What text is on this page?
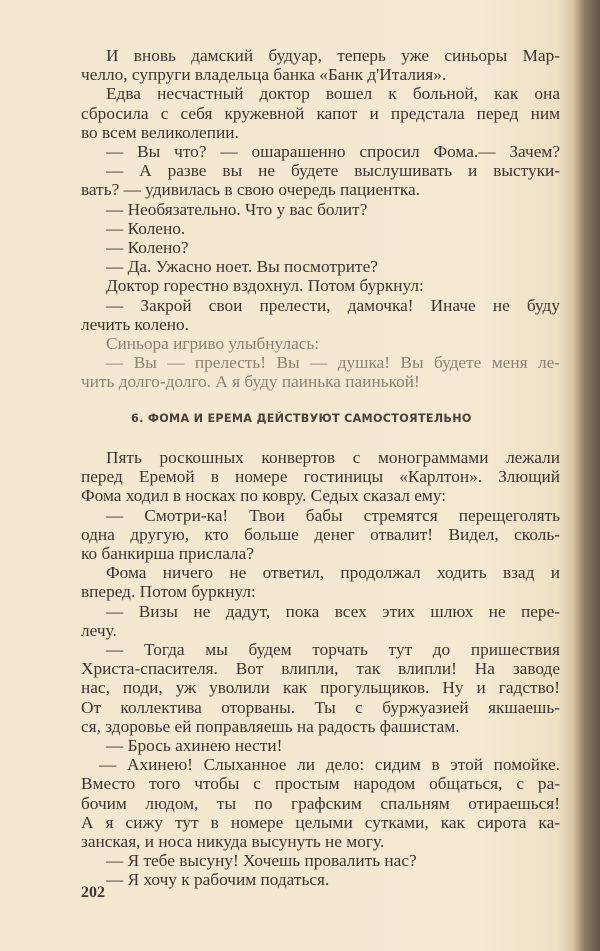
И вновь дамский будуар, теперь уже синьоры Мар-
челло, супруги владельца банка «Банк д'Италия».
Едва несчастный доктор вошел к больной, как она
сбросила с себя кружевной капот и предстала перед ним
во всем великолепии.
— Вы что? — ошарашенно спросил Фома.— Зачем?
— А разве вы не будете выслушивать и выстуки-
вать? — удивилась в свою очередь пациентка.
— Необязательно. Что у вас болит?
— Колено.
— Колено?
— Да. Ужасно ноет. Вы посмотрите?
Доктор горестно вздохнул. Потом буркнул:
— Закрой свои прелести, дамочка! Иначе не буду
лечить колено.
Синьора игриво улыбнулась:
— Вы — прелесть! Вы — душка! Вы будете меня ле-
чить долго-долго. А я буду паинька паинькой!
6. ФОМА И ЕРЕМА ДЕЙСТВУЮТ САМОСТОЯТЕЛЬНО
Пять роскошных конвертов с монограммами лежали
перед Еремой в номере гостиницы «Карлтон». Злющий
Фома ходил в носках по ковру. Седых сказал ему:
— Смотри-ка! Твои бабы стремятся перещеголять
одна другую, кто больше денег отвалит! Видел, сколь-
ко банкирша прислала?
Фома ничего не ответил, продолжал ходить взад и
вперед. Потом буркнул:
— Визы не дадут, пока всех этих шлюх не пере-
лечу.
— Тогда мы будем торчать тут до пришествия
Христа-спасителя. Вот влипли, так влипли! На заводе
нас, поди, уж уволили как прогульщиков. Ну и гадство!
От коллектива оторваны. Ты с буржуазией якшаешь-
ся, здоровье ей поправляешь на радость фашистам.
— Брось ахинею нести!
— Ахинею! Слыханное ли дело: сидим в этой помойке.
Вместо того чтобы с простым народом общаться, с ра-
бочим людом, ты по графским спальням отираешься!
А я сижу тут в номере целыми сутками, как сирота ка-
занская, и носа никуда высунуть не могу.
— Я тебе высуну! Хочешь провалить нас?
— Я хочу к рабочим податься.
202
